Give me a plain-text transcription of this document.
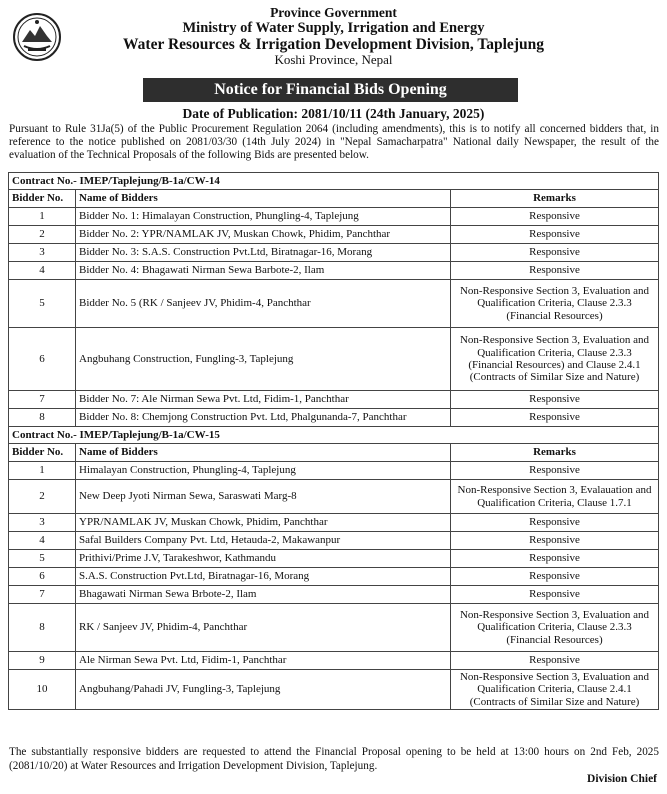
Province Government
Ministry of Water Supply, Irrigation and Energy
Water Resources & Irrigation Development Division, Taplejung
Koshi Province, Nepal
Notice for Financial Bids Opening
Date of Publication: 2081/10/11 (24th January, 2025)
Pursuant to Rule 31Ja(5) of the Public Procurement Regulation 2064 (including amendments), this is to notify all concerned bidders that, in reference to the notice published on 2081/03/30 (14th July 2024) in "Nepal Samacharpatra" National daily Newspaper, the result of the evaluation of the Technical Proposals of the following Bids are presented below.
Contract No.- IMEP/Taplejung/B-1a/CW-14		
Bidder No.	Name of Bidders	Remarks
1	Bidder No. 1: Himalayan Construction, Phungling-4, Taplejung	Responsive
2	Bidder No. 2: YPR/NAMLAK JV, Muskan Chowk, Phidim, Panchthar	Responsive
3	Bidder No. 3: S.A.S. Construction Pvt.Ltd, Biratnagar-16, Morang	Responsive
4	Bidder No. 4: Bhagawati Nirman Sewa Barbote-2, Ilam	Responsive
5	Bidder No. 5 (RK / Sanjeev JV, Phidim-4, Panchthar	Non-Responsive Section 3, Evaluation and Qualification Criteria, Clause 2.3.3 (Financial Resources)
6	Angbuhang Construction, Fungling-3, Taplejung	Non-Responsive Section 3, Evaluation and Qualification Criteria, Clause 2.3.3 (Financial Resources) and Clause 2.4.1 (Contracts of Similar Size and Nature)
7	Bidder No. 7: Ale Nirman Sewa Pvt. Ltd, Fidim-1, Panchthar	Responsive
8	Bidder No. 8: Chemjong Construction Pvt. Ltd, Phalgunanda-7, Panchthar	Responsive
Contract No.- IMEP/Taplejung/B-1a/CW-15		
Bidder No.	Name of Bidders	Remarks
1	Himalayan Construction, Phungling-4, Taplejung	Responsive
2	New Deep Jyoti Nirman Sewa, Saraswati Marg-8	Non-Responsive Section 3, Evalauation and Qualification Criteria, Clause 1.7.1
3	YPR/NAMLAK JV, Muskan Chowk, Phidim, Panchthar	Responsive
4	Safal Builders Company Pvt. Ltd, Hetauda-2, Makawanpur	Responsive
5	Prithivi/Prime J.V, Tarakeshwor, Kathmandu	Responsive
6	S.A.S. Construction Pvt.Ltd, Biratnagar-16, Morang	Responsive
7	Bhagawati Nirman Sewa Brbote-2, Ilam	Responsive
8	RK / Sanjeev JV, Phidim-4, Panchthar	Non-Responsive Section 3, Evaluation and Qualification Criteria, Clause 2.3.3 (Financial Resources)
9	Ale Nirman Sewa Pvt. Ltd, Fidim-1, Panchthar	Responsive
10	Angbuhang/Pahadi JV, Fungling-3, Taplejung	Non-Responsive Section 3, Evaluation and Qualification Criteria, Clause 2.4.1 (Contracts of Similar Size and Nature)
The substantially responsive bidders are requested to attend the Financial Proposal opening to be held at 13:00 hours on 2nd Feb, 2025 (2081/10/20) at Water Resources and Irrigation Development Division, Taplejung.
Division Chief
